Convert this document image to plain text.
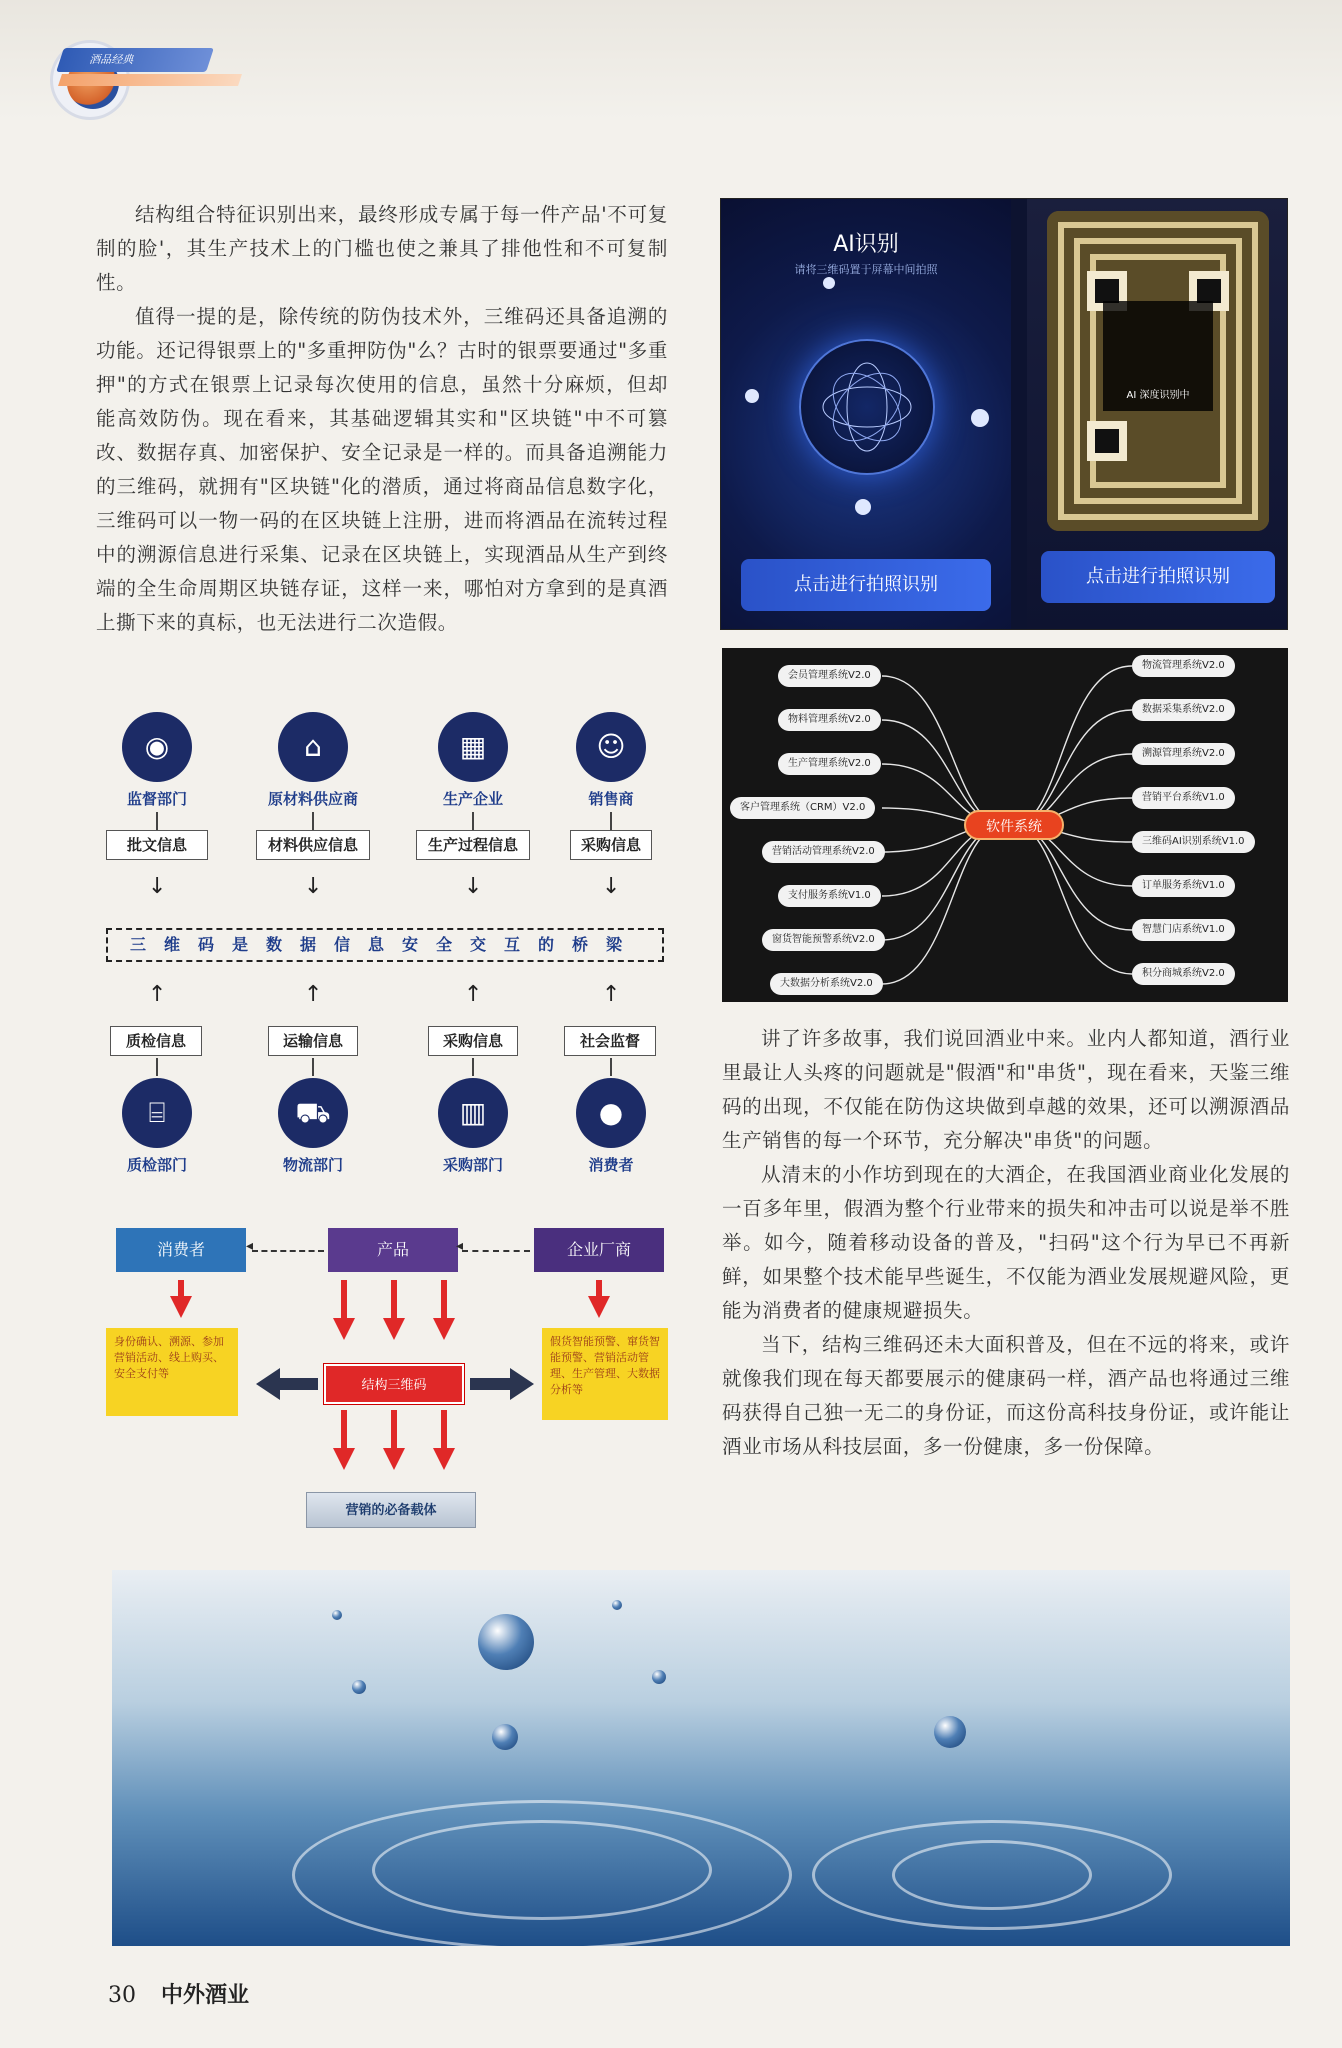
酒品经典

结构组合特征识别出来，最终形成专属于每一件产品'不可复制的脸'，其生产技术上的门槛也使之兼具了排他性和不可复制性。

值得一提的是，除传统的防伪技术外，三维码还具备追溯的功能。还记得银票上的"多重押防伪"么？古时的银票要通过"多重押"的方式在银票上记录每次使用的信息，虽然十分麻烦，但却能高效防伪。现在看来，其基础逻辑其实和"区块链"中不可篡改、数据存真、加密保护、安全记录是一样的。而具备追溯能力的三维码，就拥有"区块链"化的潜质，通过将商品信息数字化，三维码可以一物一码的在区块链上注册，进而将酒品在流转过程中的溯源信息进行采集、记录在区块链上，实现酒品从生产到终端的全生命周期区块链存证，这样一来，哪怕对方拿到的是真酒上撕下来的真标，也无法进行二次造假。

AI识别
请将三维码置于屏幕中间拍照
点击进行拍照识别
AI 深度识别中
点击进行拍照识别
会员管理系统V2.0
物料管理系统V2.0
生产管理系统V2.0
客户管理系统（CRM）V2.0
营销活动管理系统V2.0
支付服务系统V1.0
窗货智能预警系统V2.0
大数据分析系统V2.0
物流管理系统V2.0
数据采集系统V2.0
溯源管理系统V2.0
营销平台系统V1.0
三维码AI识别系统V1.0
订单服务系统V1.0
智慧门店系统V1.0
积分商城系统V2.0
软件系统
◉
监督部门
批文信息
↓
⌂
原材料供应商
材料供应信息
↓
▦
生产企业
生产过程信息
↓
☺
销售商
采购信息
↓
三维码是数据信息安全交互的桥梁
↑
质检信息
⌸
质检部门
↑
运输信息
⛟
物流部门
↑
采购信息
▥
采购部门
↑
社会监督
●
消费者
消费者	产品	企业厂商
◂	◂
身份确认、溯源、参加营销活动、线上购买、安全支付等
假货智能预警、窜货智能预警、营销活动管理、生产管理、大数据分析等
结构三维码
营销的必备载体

讲了许多故事，我们说回酒业中来。业内人都知道，酒行业里最让人头疼的问题就是"假酒"和"串货"，现在看来，天鉴三维码的出现，不仅能在防伪这块做到卓越的效果，还可以溯源酒品生产销售的每一个环节，充分解决"串货"的问题。

从清末的小作坊到现在的大酒企，在我国酒业商业化发展的一百多年里，假酒为整个行业带来的损失和冲击可以说是举不胜举。如今，随着移动设备的普及，"扫码"这个行为早已不再新鲜，如果整个技术能早些诞生，不仅能为酒业发展规避风险，更能为消费者的健康规避损失。

当下，结构三维码还未大面积普及，但在不远的将来，或许就像我们现在每天都要展示的健康码一样，酒产品也将通过三维码获得自己独一无二的身份证，而这份高科技身份证，或许能让酒业市场从科技层面，多一份健康，多一份保障。

30 中外酒业
